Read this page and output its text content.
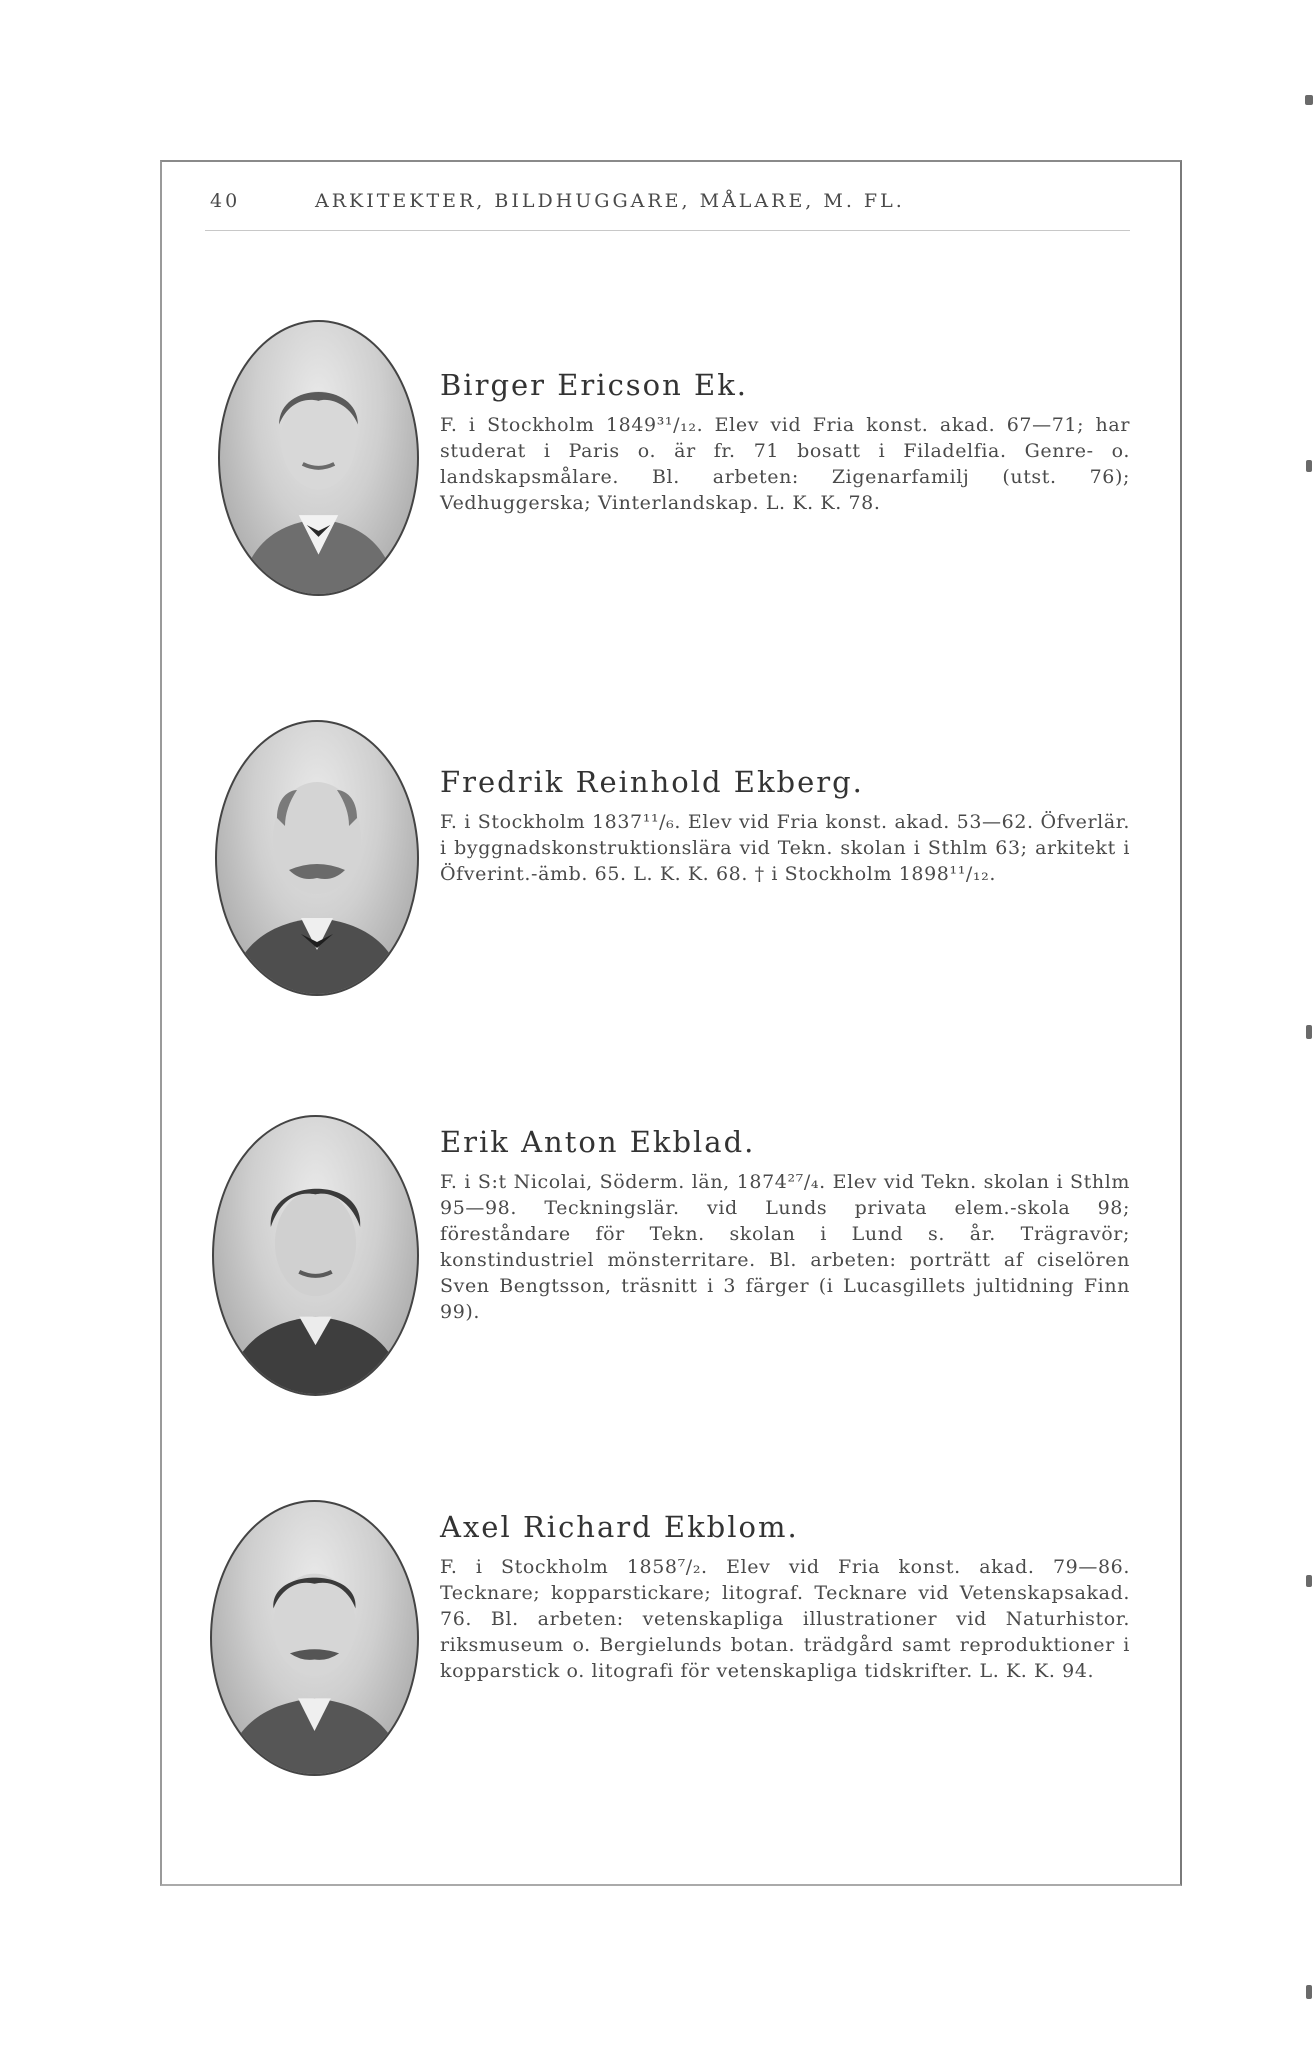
40	ARKITEKTER, BILDHUGGARE, MÅLARE, M. FL.
Birger Ericson Ek.

F. i Stockholm 1849³¹/₁₂. Elev vid Fria konst. akad. 67—71; har studerat i Paris o. är fr. 71 bosatt i Filadelfia. Genre- o. landskapsmålare. Bl. arbeten: Zigenarfamilj (utst. 76); Vedhuggerska; Vinterlandskap. L. K. K. 78.

Fredrik Reinhold Ekberg.

F. i Stockholm 1837¹¹/₆. Elev vid Fria konst. akad. 53—62. Öfverlär. i byggnadskonstruktionslära vid Tekn. skolan i Sthlm 63; arkitekt i Öfverint.-ämb. 65. L. K. K. 68. † i Stockholm 1898¹¹/₁₂.

Erik Anton Ekblad.

F. i S:t Nicolai, Söderm. län, 1874²⁷/₄. Elev vid Tekn. skolan i Sthlm 95—98. Teckningslär. vid Lunds privata elem.-skola 98; föreståndare för Tekn. skolan i Lund s. år. Trägravör; konstindustriel mönsterritare. Bl. arbeten: porträtt af ciselören Sven Bengtsson, träsnitt i 3 färger (i Lucasgillets jultidning Finn 99).

Axel Richard Ekblom.

F. i Stockholm 1858⁷/₂. Elev vid Fria konst. akad. 79—86. Tecknare; kopparstickare; litograf. Tecknare vid Vetenskapsakad. 76. Bl. arbeten: vetenskapliga illustrationer vid Naturhistor. riksmuseum o. Bergielunds botan. trädgård samt reproduktioner i kopparstick o. litografi för vetenskapliga tidskrifter. L. K. K. 94.
